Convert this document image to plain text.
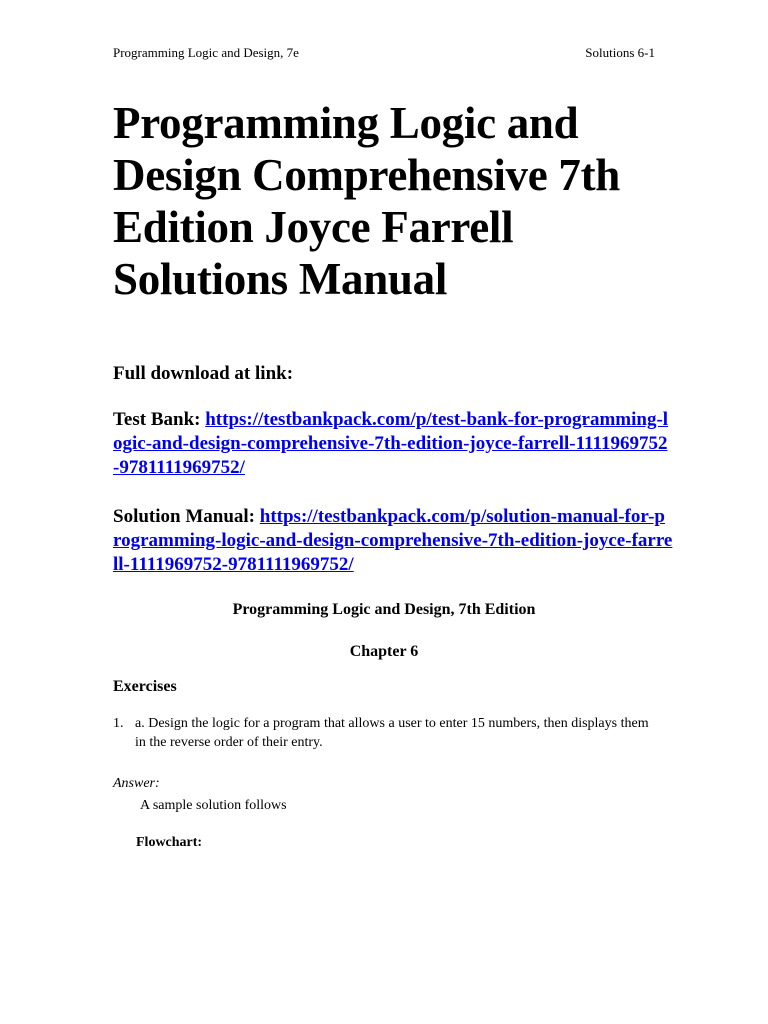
Programming Logic and Design, 7e	Solutions 6-1
Programming Logic and Design Comprehensive 7th Edition Joyce Farrell Solutions Manual

Full download at link:

Test Bank: https://testbankpack.com/p/test-bank-for-programming-logic-and-design-comprehensive-7th-edition-joyce-farrell-1111969752-9781111969752/

Solution Manual: https://testbankpack.com/p/solution-manual-for-programming-logic-and-design-comprehensive-7th-edition-joyce-farrell-1111969752-9781111969752/

Programming Logic and Design, 7th Edition

Chapter 6

Exercises

1. a. Design the logic for a program that allows a user to enter 15 numbers, then displays them in the reverse order of their entry.
Answer:
A sample solution follows
Flowchart:
